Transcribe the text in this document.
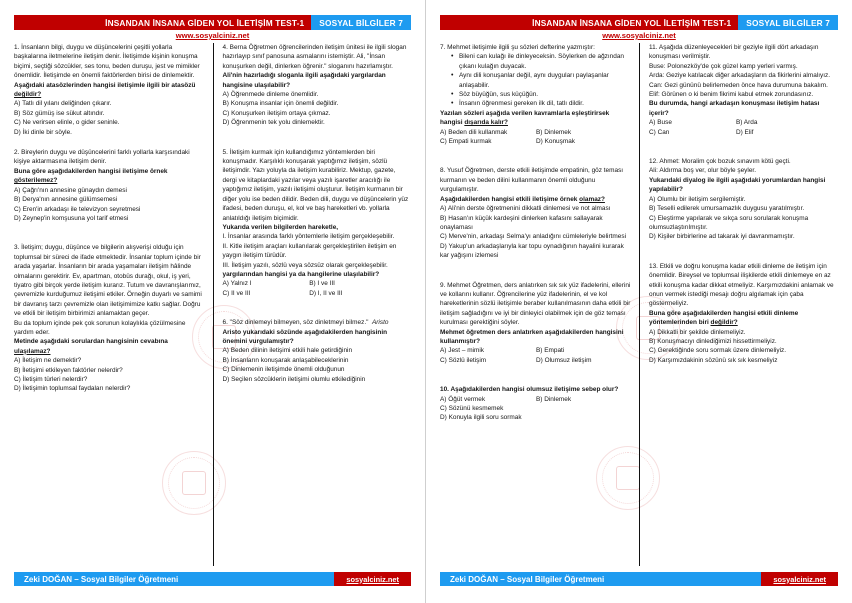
İNSANDAN İNSANA GİDEN YOL İLETİŞİM TEST-1	SOSYAL BİLGİLER 7
www.sosyalciniz.net

1. İnsanların bilgi, duygu ve düşüncelerini çeşitli yollarla başkalarına iletmelerine iletişim denir. İletişimde kişinin konuşma biçimi, seçtiği sözcükler, ses tonu, beden duruşu, jest ve mimikler önemlidir. İletişimde en önemli faktörlerden birisi de dinlemektir.

Aşağıdaki atasözlerinden hangisi iletişimle ilgili bir atasözü değildir?

A) Tatlı dil yılanı deliğinden çıkarır.

B) Söz gümüş ise sükut altındır.

C) Ne verirsen elinle, o gider seninle.

D) İki dinle bir söyle.

2. Bireylerin duygu ve düşüncelerini farklı yollarla karşısındaki kişiye aktarmasına iletişim denir.

Buna göre aşağıdakilerden hangisi iletişime örnek gösterilemez?

A) Çağrı'nın annesine günaydın demesi

B) Derya'nın annesine gülümsemesi

C) Eren'in arkadaşı ile televizyon seyretmesi

D) Zeynep'in komşusuna yol tarif etmesi

3. İletişim; duygu, düşünce ve bilgilerin alışverişi olduğu için toplumsal bir süreci de ifade etmektedir. İnsanlar toplum içinde bir arada yaşarlar. İnsanların bir arada yaşamaları iletişim hâlinde olmalarını gerektirir. Ev, apartman, otobüs durağı, okul, iş yeri, tiyatro gibi birçok yerde iletişim kurarız. Tutum ve davranışlarımız, çevremizle kurduğumuz iletişimi etkiler. Örneğin duyarlı ve samimi bir davranış tarzı çevremizle olan iletişimimize katkı sağlar. Doğru ve etkili bir iletişim birbirimizi anlamaktan geçer.

Bu da toplum içinde pek çok sorunun kolaylıkla çözülmesine yardım eder.

Metinde aşağıdaki sorulardan hangisinin cevabına ulaşılamaz?

A) İletişim ne demektir?

B) İletişimi etkileyen faktörler nelerdir?

C) İletişim türleri nelerdir?

D) İletişimin toplumsal faydaları nelerdir?

4. Berna Öğretmen öğrencilerinden iletişim ünitesi ile ilgili slogan hazırlayıp sınıf panosuna asmalarını istemiştir. Ali, "İnsan konuşurken değil, dinlerken öğrenir." sloganını hazırlamıştır.

Ali'nin hazırladığı sloganla ilgili aşağıdaki yargılardan hangisine ulaşılabilir?

A) Öğrenmede dinleme önemlidir.

B) Konuşma insanlar için önemli değildir.

C) Konuşurken iletişim ortaya çıkmaz.

D) Öğrenmenin tek yolu dinlemektir.

5. İletişim kurmak için kullandığımız yöntemlerden biri konuşmadır. Karşılıklı konuşarak yaptığımız iletişim, sözlü iletişimdir. Yazı yoluyla da iletişim kurabiliriz. Mektup, gazete, dergi ve kitaplardaki yazılar veya yazılı işaretler aracılığı ile yaptığımız iletişim, yazılı iletişimi oluşturur. İletişim kurmanın bir diğer yolu ise beden dilidir. Beden dili, duygu ve düşüncelerin yüz ifadesi, beden duruşu, el, kol ve baş hareketleri vb. yollarla anlatıldığı iletişim biçimidir.

Yukarıda verilen bilgilerden hareketle,

I. İnsanlar arasında farklı yöntemlerle iletişim gerçekleşebilir.

II. Kitle iletişim araçları kullanılarak gerçekleştirilen iletişim en yaygın iletişim türüdür.

III. İletişim yazılı, sözlü veya sözsüz olarak gerçekleşebilir.

yargılarından hangisi ya da hangilerine ulaşılabilir?

A) Yalnız I	B) I ve III

C) II ve III	D) I, II ve III

6. "Söz dinlemeyi bilmeyen, söz dinletmeyi bilmez."  Aristo

Aristo yukarıdaki sözünde aşağıdakilerden hangisinin önemini vurgulamıştır?

A) Beden dilinin iletişimi etkili hale getirdiğinin

B) İnsanların konuşarak anlaşabileceklerinin

C) Dinlemenin iletişimde önemli olduğunun

D) Seçilen sözcüklerin iletişimi olumlu etkilediğinin

Zeki DOĞAN – Sosyal Bilgiler Öğretmeni	sosyalciniz.net
İNSANDAN İNSANA GİDEN YOL İLETİŞİM TEST-1	SOSYAL BİLGİLER 7
www.sosyalciniz.net

7. Mehmet iletişimle ilgili şu sözleri defterine yazmıştır:

• Bileni can kulağı ile dinleyeceksin. Söylerken de ağzından çıkanı kulağın duyacak.
• Aynı dili konuşanlar değil, aynı duyguları paylaşanlar anlaşabilir.
• Söz büyüğün, sus küçüğün.
• İnsanın öğrenmesi gereken ilk dil, tatlı dildir.

Yazılan sözleri aşağıda verilen kavramlarla eşleştirirsek hangisi dışarıda kalır?

A) Beden dili kullanmak	B) Dinlemek

C) Empati kurmak	D) Konuşmak

8. Yusuf Öğretmen, derste etkili iletişimde empatinin, göz teması kurmanın ve beden dilini kullanmanın önemli olduğunu vurgulamıştır.

Aşağıdakilerden hangisi etkili iletişime örnek olamaz?

A) Ali'nin derste öğretmenini dikkatli dinlemesi ve not alması

B) Hasan'ın küçük kardeşini dinlerken kafasını sallayarak onaylaması

C) Merve'nin, arkadaşı Selma'yı anladığını cümleleriyle belirtmesi

D) Yakup'un arkadaşlarıyla kar topu oynadığının hayalini kurarak kar yağışını izlemesi

9. Mehmet Öğretmen, ders anlatırken sık sık yüz ifadelerini, ellerini ve kollarını kullanır. Öğrencilerine yüz ifadelerinin, el ve kol hareketlerinin sözlü iletişimle beraber kullanılmasının daha etkili bir iletişim sağladığını ve iyi bir dinleyici olabilmek için de göz teması kurulması gerektiğini söyler.

Mehmet öğretmen ders anlatırken aşağıdakilerden hangisini kullanmıştır?

A) Jest – mimik	B) Empati

C) Sözlü iletişim	D) Olumsuz iletişim

10. Aşağıdakilerden hangisi olumsuz iletişime sebep olur?

A) Öğüt vermek	B) Dinlemek

C) Sözünü kesmemek

D) Konuyla ilgili soru sormak

11. Aşağıda düzenleyecekleri bir geziyle ilgili dört arkadaşın konuşması verilmiştir.

Buse: Polonezköy'de çok güzel kamp yerleri varmış.

Arda: Geziye katılacak diğer arkadaşların da fikirlerini almalıyız.

Can: Gezi gününü belirlemeden önce hava durumuna bakalım.

Elif: Görünen o ki benim fikrimi kabul etmek zorundasınız.

Bu durumda, hangi arkadaşın konuşması iletişim hatası içerir?

A) Buse	B) Arda

C) Can	D) Elif

12. Ahmet: Moralim çok bozuk sınavım kötü geçti.

Ali: Aldırma boş ver, olur böyle şeyler.

Yukarıdaki diyalog ile ilgili aşağıdaki yorumlardan hangisi yapılabilir?

A) Olumlu bir iletişim sergilemiştir.

B) Teselli edilerek umursamazlık duygusu yaratılmıştır.

C) Eleştirme yapılarak ve sıkça soru sorularak konuşma olumsuzlaştırılmıştır.

D) Kişiler birbirlerine ad takarak iyi davranmamıştır.

13. Etkili ve doğru konuşma kadar etkili dinleme de iletişim için önemlidir. Bireysel ve toplumsal ilişkilerde etkili dinlemeye en az etkili konuşma kadar dikkat etmeliyiz. Karşımızdakini anlamak ve onun vermek istediği mesajı doğru algılamak için çaba göstermeliyiz.

Buna göre aşağıdakilerden hangisi etkili dinleme yöntemlerinden biri değildir?

A) Dikkatli bir şekilde dinlemeliyiz.

B) Konuşmacıyı dinlediğimizi hissettirmeliyiz.

C) Gerektiğinde soru sormak üzere dinlemeliyiz.

D) Karşımızdakinin sözünü sık sık kesmeliyiz

Zeki DOĞAN – Sosyal Bilgiler Öğretmeni	sosyalciniz.net
